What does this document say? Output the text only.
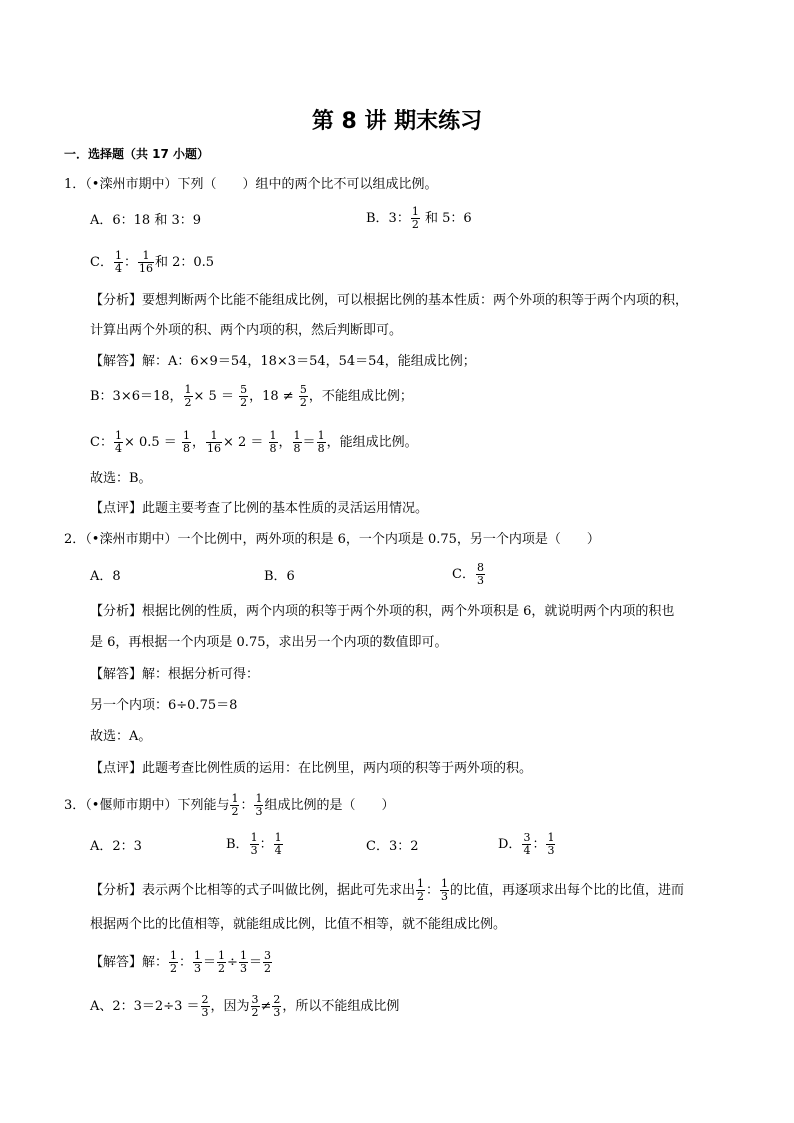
第 8 讲 期末练习
一．选择题（共 17 小题）
1．（•滦州市期中）下列（　　）组中的两个比不可以组成比例。
A．6：18 和 3：9	B．3： $\frac{1}{2}$ 和 5：6
C． $\frac{1}{4}$ ： $\frac{1}{16}$ 和 2：0.5
【分析】要想判断两个比能不能组成比例，可以根据比例的基本性质：两个外项的积等于两个内项的积，
计算出两个外项的积、两个内项的积，然后判断即可。
【解答】解：A：6×9＝54，18×3＝54，54＝54，能组成比例；
B：3×6＝18， $\frac{1}{2} \times 5 = \frac{5}{2}$ ，$18 \ne \frac{5}{2}$ ，不能组成比例；
C： $\frac{1}{4} \times 0.5 = \frac{1}{8}$ ， $\frac{1}{16} \times 2 = \frac{1}{8}$ ， $\frac{1}{8} = \frac{1}{8}$ ，能组成比例。
故选：B。
【点评】此题主要考查了比例的基本性质的灵活运用情况。
2．（•滦州市期中）一个比例中，两外项的积是 6，一个内项是 0.75，另一个内项是（　　）
A．8	B．6	C． $\frac{8}{3}$
【分析】根据比例的性质，两个内项的积等于两个外项的积，两个外项积是 6，就说明两个内项的积也
是 6，再根据一个内项是 0.75，求出另一个内项的数值即可。
【解答】解：根据分析可得：
另一个内项：6÷0.75＝8
故选：A。
【点评】此题考查比例性质的运用：在比例里，两内项的积等于两外项的积。
3．（•偃师市期中）下列能与 $\frac{1}{2}$ ： $\frac{1}{3}$ 组成比例的是（　　）
A．2：3	B． $\frac{1}{3}$ ： $\frac{1}{4}$	C．3：2	D． $\frac{3}{4}$ ： $\frac{1}{3}$
【分析】表示两个比相等的式子叫做比例，据此可先求出 $\frac{1}{2}$ ： $\frac{1}{3}$ 的比值，再逐项求出每个比的比值，进而
根据两个比的比值相等，就能组成比例，比值不相等，就不能组成比例。
【解答】解： $\frac{1}{2}$ ： $\frac{1}{3} = \frac{1}{2} \div \frac{1}{3} = \frac{3}{2}$
A、2：$3=2\div 3 = \frac{2}{3}$ ，因为 $\frac{3}{2} \ne \frac{2}{3}$ ，所以不能组成比例
